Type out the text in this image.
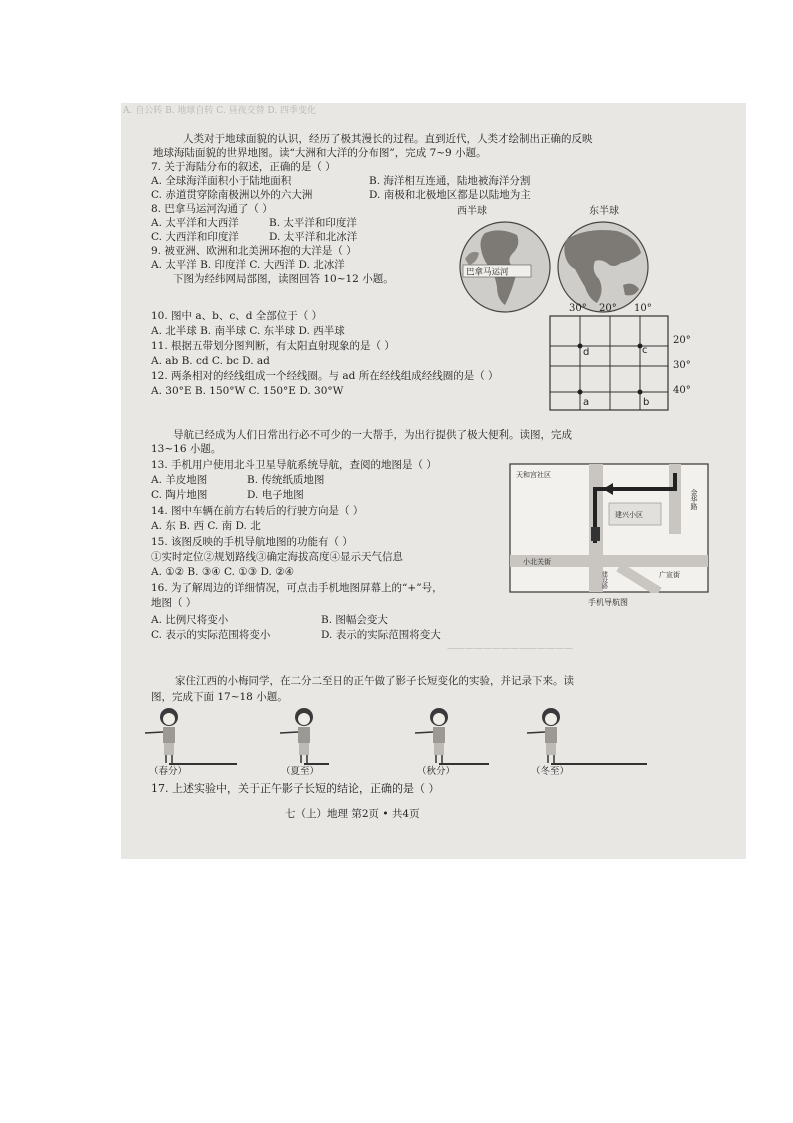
A. 自公转 B. 地球自转 C. 昼夜交替 D. 四季变化
人类对于地球面貌的认识，经历了极其漫长的过程。直到近代，人类才绘制出正确的反映
地球海陆面貌的世界地图。读“大洲和大洋的分布图”，完成 7~9 小题。
7. 关于海陆分布的叙述，正确的是（ ）
A. 全球海洋面积小于陆地面积	B. 海洋相互连通，陆地被海洋分割
C. 赤道贯穿除南极洲以外的六大洲	D. 南极和北极地区都是以陆地为主
8. 巴拿马运河沟通了（ ）
A. 太平洋和大西洋	B. 太平洋和印度洋
C. 大西洋和印度洋	D. 太平洋和北冰洋
9. 被亚洲、欧洲和北美洲环抱的大洋是（ ）
A. 太平洋 B. 印度洋 C. 大西洋 D. 北冰洋
西半球	东半球
巴拿马运河
下图为经纬网局部图，读图回答 10~12 小题。
30° 20° 10°
d	c
a	b
20°
30°
40°
10. 图中 a、b、c、d 全部位于（ ）
A. 北半球 B. 南半球 C. 东半球 D. 西半球
11. 根据五带划分图判断，有太阳直射现象的是（ ）
A. ab B. cd C. bc D. ad
12. 两条相对的经线组成一个经线圈。与 ad 所在经线组成经线圈的是（ ）
A. 30°E B. 150°W C. 150°E D. 30°W
导航已经成为人们日常出行必不可少的一大帮手，为出行提供了极大便利。读图，完成
13~16 小题。
13. 手机用户使用北斗卫星导航系统导航，查阅的地图是（ ）
A. 羊皮地图	B. 传统纸质地图
C. 陶片地图	D. 电子地图
14. 图中车辆在前方右转后的行驶方向是（ ）
A. 东 B. 西 C. 南 D. 北
15. 该图反映的手机导航地图的功能有（ ）
①实时定位②规划路线③确定海拔高度④显示天气信息
A. ①② B. ③④ C. ①③ D. ②④
16. 为了解周边的详细情况，可点击手机地图屏幕上的“+”号，
地图（ ）
A. 比例尺将变小	B. 图幅会变大
C. 表示的实际范围将变小	D. 表示的实际范围将变大
天和宫社区
建兴小区
小北关街
广宣街
金华路
建设路
手机导航图
——————————————
家住江西的小梅同学，在二分二至日的正午做了影子长短变化的实验，并记录下来。读
图，完成下面 17~18 小题。
（春分）	（夏至）	（秋分）	（冬至）
17. 上述实验中，关于正午影子长短的结论，正确的是（ ）
七（上）地理 第2页 • 共4页
